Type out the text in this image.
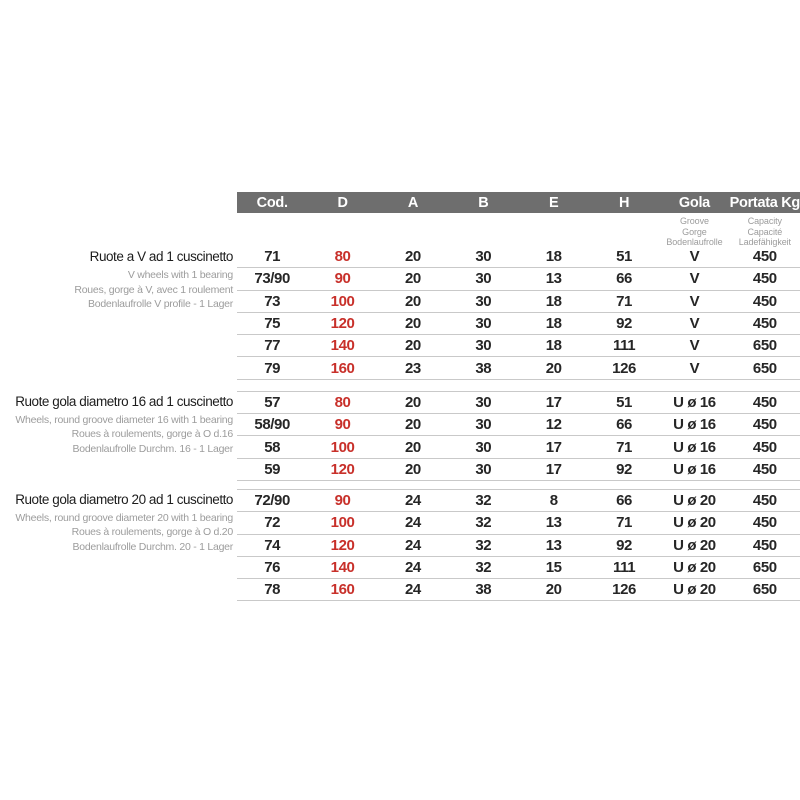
Cod.	D	A	B	E	H	Gola	Portata Kg
Groove
Gorge
Bodenlaufrolle
Capacity
Capacité
Ladefähigkeit
Ruote a V ad 1 cuscinetto
V wheels with 1 bearing
Roues, gorge à V, avec 1 roulement
Bodenlaufrolle V profile - 1 Lager
71	80	20	30	18	51	V	450
73/90	90	20	30	13	66	V	450
73	100	20	30	18	71	V	450
75	120	20	30	18	92	V	450
77	140	20	30	18	111	V	650
79	160	23	38	20	126	V	650
Ruote gola diametro 16 ad 1 cuscinetto
Wheels, round groove diameter 16 with 1 bearing
Roues à roulements, gorge à O d.16
Bodenlaufrolle Durchm. 16 - 1 Lager
57	80	20	30	17	51	U ø 16	450
58/90	90	20	30	12	66	U ø 16	450
58	100	20	30	17	71	U ø 16	450
59	120	20	30	17	92	U ø 16	450
Ruote gola diametro 20 ad 1 cuscinetto
Wheels, round groove diameter 20 with 1 bearing
Roues à roulements, gorge à O d.20
Bodenlaufrolle Durchm. 20 - 1 Lager
72/90	90	24	32	8	66	U ø 20	450
72	100	24	32	13	71	U ø 20	450
74	120	24	32	13	92	U ø 20	450
76	140	24	32	15	111	U ø 20	650
78	160	24	38	20	126	U ø 20	650
